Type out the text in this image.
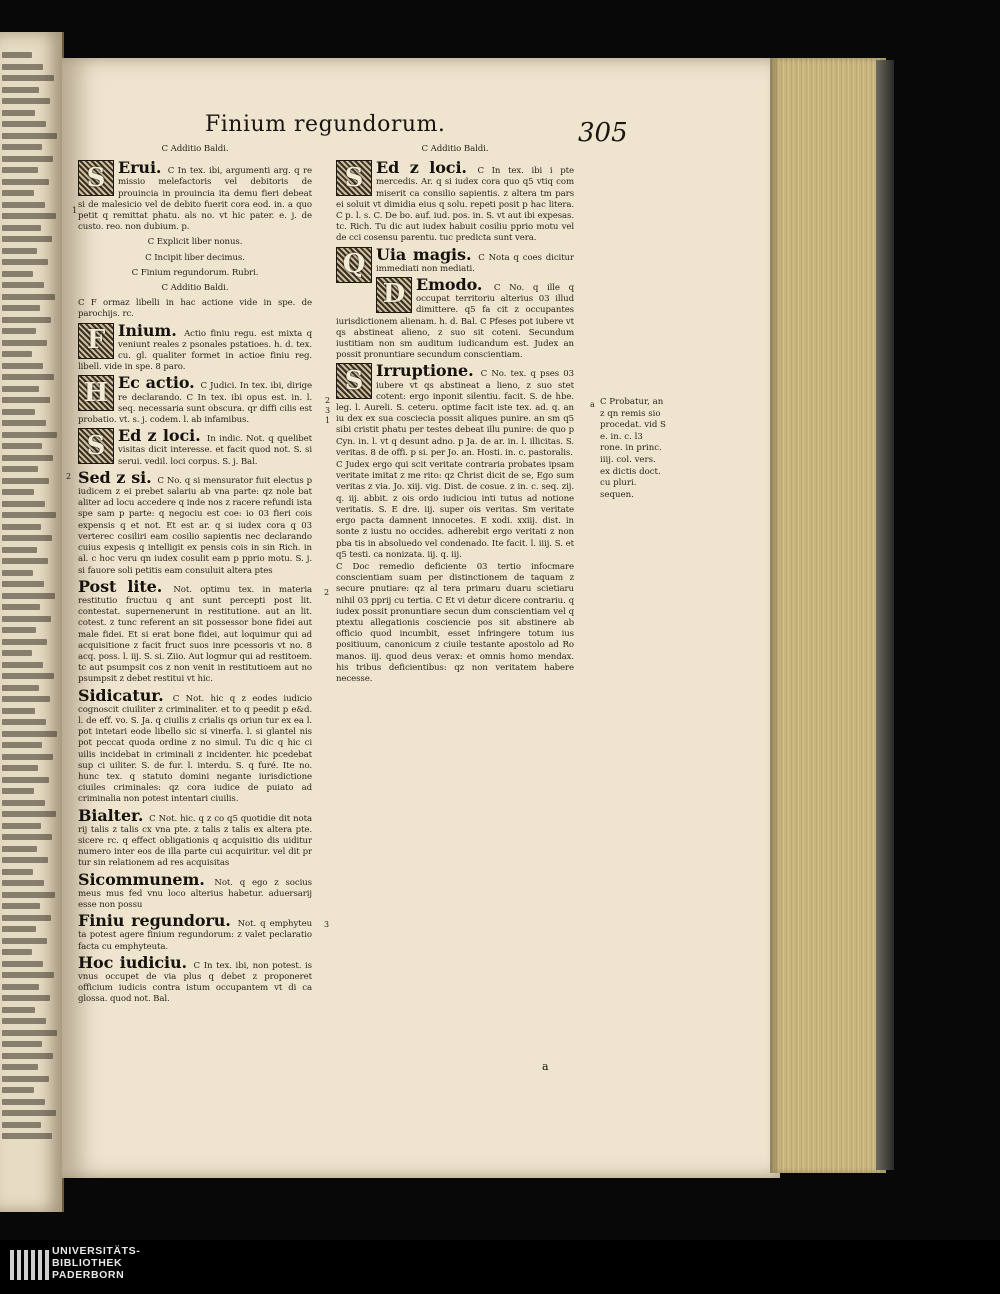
Finium regundorum.	305

C Additio Baldi.

S Erui. C In tex. ibi, argumenti arg. q re missio melefactoris vel debitoris de prouincia in prouincia ita demu fieri debeat si de malesicio vel de debito fuerit cora eod. in. a quo petit q remittat phatu. als no. vt hic pater. e. j. de custo. reo. non dubium. p.

C Explicit liber nonus.

C Incipit liber decimus.

C Finium regundorum. Rubri.

C Additio Baldi.

C F ormaz libelli in hac actione vide in spe. de parochijs. rc.

F Inium. Actio finiu regu. est mixta q veniunt reales z psonales pstatioes. h. d. tex. cu. gl. qualiter formet in actioe finiu reg. libell. vide in spe. 8 paro.

H Ec actio. C Judici. In tex. ibi, dirige re declarando. C In tex. ibi opus est. in. l. seq. necessaria sunt obscura. qr diffi cilis est probatio. vt. s. j. codem. l. ab infamibus.

S Ed z loci. In indic. Not. q quelibet visitas dicit interesse. et facit quod not. S. si serui. vedil. loci corpus. S. j. Bal.

Sed z si. C No. q si mensurator fuit electus p iudicem z ei prebet salariu ab vna parte: qz nole bat aliter ad locu accedere q inde nos z racere refundi ista spe sam p parte: q negociu est coe: io 03 fieri cois expensis q et not. Et est ar. q si iudex cora q 03 verterec cosiliri eam cosilio sapientis nec declarando cuius expesis q intelligit ex pensis cois in sin Rich. in al. c hoc veru qn iudex cosulit eam p pprio motu. S. j. si fauore soli petitis eam consuluit altera ptes

Post lite. Not. optimu tex. in materia restitutio fructuu q ant sunt percepti post lit. contestat. supernenerunt in restitutione. aut an lit. cotest. z tunc referent an sit possessor bone fidei aut male fidei. Et si erat bone fidei, aut loquimur qui ad acquisitione z facit fruct suos inre pcessoris vt no. 8 acq. poss. l. iij. S. si. Ziio. Aut logmur qui ad restitoem. tc aut psumpsit cos z non venit in restitutioem aut no psumpsit z debet restitui vt hic.

Sidicatur. C Not. hic q z eodes iudicio cognoscit ciuiliter z criminaliter. et to q peedit p e&d. l. de eff. vo. S. Ja. q ciuilis z crialis qs oriun tur ex ea l. pot intetari eode libello sic si vinerfa. l. si glantel nis pot peccat quoda ordine z no simul. Tu dic q hic ci uilis incidebat in criminali z incidenter. hic pcedebat sup ci uiliter. S. de fur. l. interdu. S. q furé. Ite no. hunc tex. q statuto domini negante iurisdictione ciuiles criminales: qz cora iudice de puiato ad criminalia non potest intentari ciuilis.

Bialter. C Not. hic. q z co q5 quotidie dit nota rij talis z talis cx vna pte. z talis z talis ex altera pte. sicere rc. q effect obligationis q acquisitio dis uiditur numero inter eos de illa parte cui acquiritur. vel dit pr tur sin relationem ad res acquisitas

Sicommunem. Not. q ego z socius meus mus fed vnu loco alterius habetur. aduersarij esse non possu

Finiu regundoru. Not. q emphyteu ta potest agere finium regundorum: z valet peclaratio facta cu emphyteuta.

Hoc iudiciu. C In tex. ibi, non potest. is vnus occupet de via plus q debet z proponeret officium iudicis contra istum occupantem vt di ca glossa. quod not. Bal.

C Additio Baldi.

S Ed z loci. C In tex. ibi i pte mercedis. Ar. q si iudex cora quo q5 vtiq com miserit ca consilio sapientis. z altera tm pars ei soluit vt dimidia eius q solu. repeti posit p hac litera. C p. l. s. C. De bo. auf. iud. pos. in. S. vt aut ibi expesas. tc. Rich. Tu dic aut iudex habuit cosiliu pprio motu vel de cci cosensu parentu. tuc predicta sunt vera.

Q Uia magis. C Nota q coes dicitur immediati non mediati.

D Emodo. C No. q ille q occupat territoriu alterius 03 illud dimittere. q5 fa cit z occupantes iurisdictionem alienam. h. d. Bal. C Pfeses pot iubere vt qs abstineat alieno, z suo sit coteni. Secundum iustitiam non sm auditum iudicandum est. Judex an possit pronuntiare secundum conscientiam.

S Irruptione. C No. tex. q pses 03 iubere vt qs abstineat a lieno, z suo stet cotent: ergo inponit silentiu. facit. S. de hbe. leg. l. Aureli. S. ceteru. optime facit iste tex. ad. q. an iu dex ex sua cosciecia possit aliques punire. an sm q5 sibi cristit phatu per testes debeat illu punire: de quo p Cyn. in. l. vt q desunt adno. p Ja. de ar. in. l. illicitas. S. veritas. 8 de offi. p si. per Jo. an. Hosti. in. c. pastoralis.

C Judex ergo qui scit veritate contraria probates ipsam veritate imitat z me rito: qz Christ dicit de se, Ego sum veritas z via. Jo. xiij. vig. Dist. de cosue. z in. c. seq. zij. q. iij. abbit. z ois ordo iudiciou inti tutus ad notione veritatis. S. E dre. iij. super ois veritas. Sm veritate ergo pacta damnent innocetes. E xodi. xxiij. dist. in sonte z iustu no occides. adherebit ergo veritati z non pba tis in absoluedo vel condenado. Ite facit. l. iiij. S. et q5 testi. ca nonizata. iij. q. iij.

C Doc remedio deficiente 03 tertio infocmare conscientiam suam per distinctionem de taquam z secure pnutiare: qz al tera primaru duaru scietiaru nihil 03 pprij cu tertia. C Et vi detur dicere contrariu. q iudex possit pronuntiare secun dum conscientiam vel q ptextu allegationis cosciencie pos sit abstinere ab officio quod incumbit, esset infringere totum ius positiuum, canonicum z ciuile testante apostolo ad Ro manos. iij. quod deus verax: et omnis homo mendax. his tribus deficientibus: qz non veritatem habere necesse.

C Probatur, an z qn remis sio procedat. vid S e. in. c. l3 rone. in princ. iiij. col. vers. ex dictis doct. cu pluri. sequen.
a
1
2
3
1
2
a
2
3
UNIVERSITÄTS-
BIBLIOTHEK
PADERBORN
